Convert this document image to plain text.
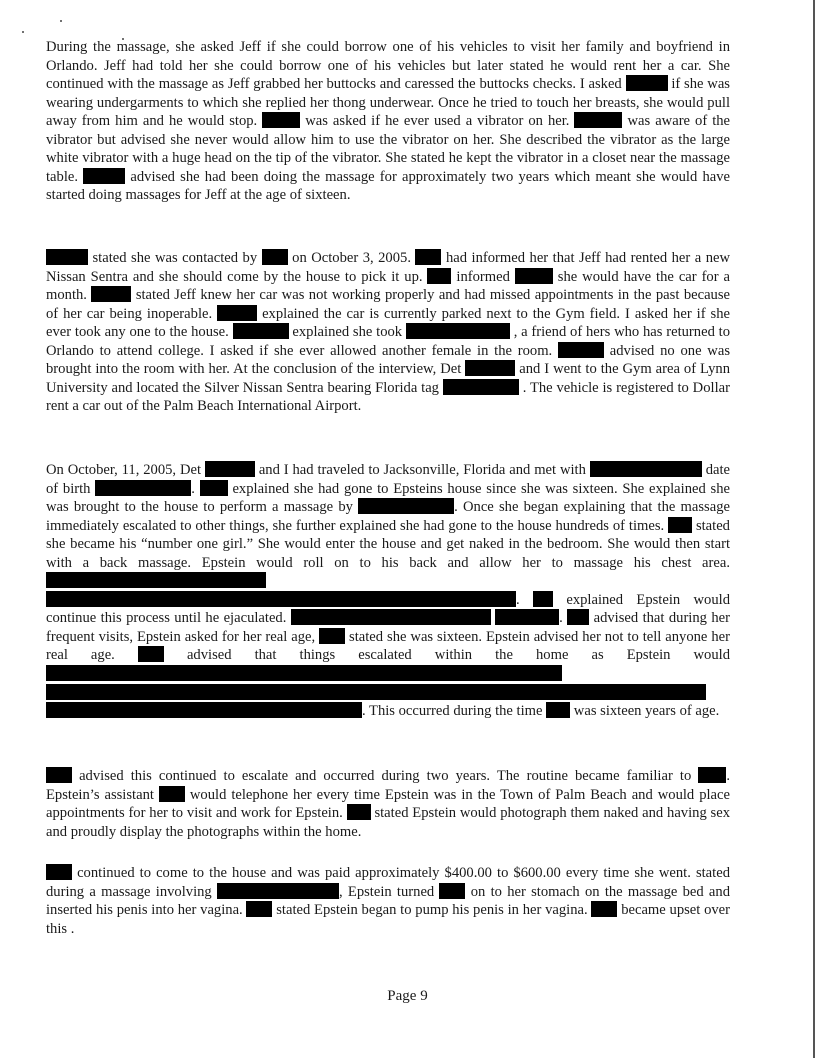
During the massage, she asked Jeff if she could borrow one of his vehicles to visit her family and boyfriend in Orlando. Jeff had told her she could borrow one of his vehicles but later stated he would rent her a car. She continued with the massage as Jeff grabbed her buttocks and caressed the buttocks checks. I asked	if she was wearing undergarments to which she replied her thong underwear. Once he tried to touch her breasts, she would pull away from him and he would stop.	was asked if he ever used a vibrator on her.	was aware of the vibrator but advised she never would allow him to use the vibrator on her. She described the vibrator as the large white vibrator with a huge head on the tip of the vibrator. She stated he kept the vibrator in a closet near the massage table.	advised she had been doing the massage for approximately two years which meant she would have started doing massages for Jeff at the age of sixteen.

stated she was contacted by on October 3, 2005. had informed her that Jeff had rented her a new Nissan Sentra and she should come by the house to pick it up. informed	she would have the car for a month.	stated Jeff knew her car was not working properly and had missed appointments in the past because of her car being inoperable.	explained the car is currently parked next to the Gym field. I asked her if she ever took any one to the house.	explained she took	, a friend of hers who has returned to Orlando to attend college. I asked if she ever allowed another female in the room.	advised no one was brought into the room with her. At the conclusion of the interview, Det	and I went to the Gym area of Lynn University and located the Silver Nissan Sentra bearing Florida tag	. The vehicle is registered to Dollar rent a car out of the Palm Beach International Airport.

On October, 11, 2005, Det	and I had traveled to Jacksonville, Florida and met with	date of birth	.	explained she had gone to Epsteins house since she was sixteen. She explained she was brought to the house to perform a massage by	. Once she began explaining that the massage immediately escalated to other things, she further explained she had gone to the house hundreds of times. stated she became his “number one girl.” She would enter the house and get naked in the bedroom. She would then start with a back massage. Epstein would roll on to his back and allow her to massage his chest area.  .	explained Epstein would continue this process until he ejaculated.	. advised that during her frequent visits, Epstein asked for her real age, stated she was sixteen. Epstein advised her not to tell anyone her real age.	advised that things escalated within the home as Epstein would   . This occurred during the time was sixteen years of age.

advised this continued to escalate and occurred during two years. The routine became familiar to . Epstein’s assistant would telephone her every time Epstein was in the Town of Palm Beach and would place appointments for her to visit and work for Epstein. stated Epstein would photograph them naked and having sex and proudly display the photographs within the home.

continued to come to the house and was paid approximately $400.00 to $600.00 every time she went. stated during a massage involving	, Epstein turned	on to her stomach on the massage bed and inserted his penis into her vagina. stated Epstein began to pump his penis in her vagina. became upset over this .

Page 9
